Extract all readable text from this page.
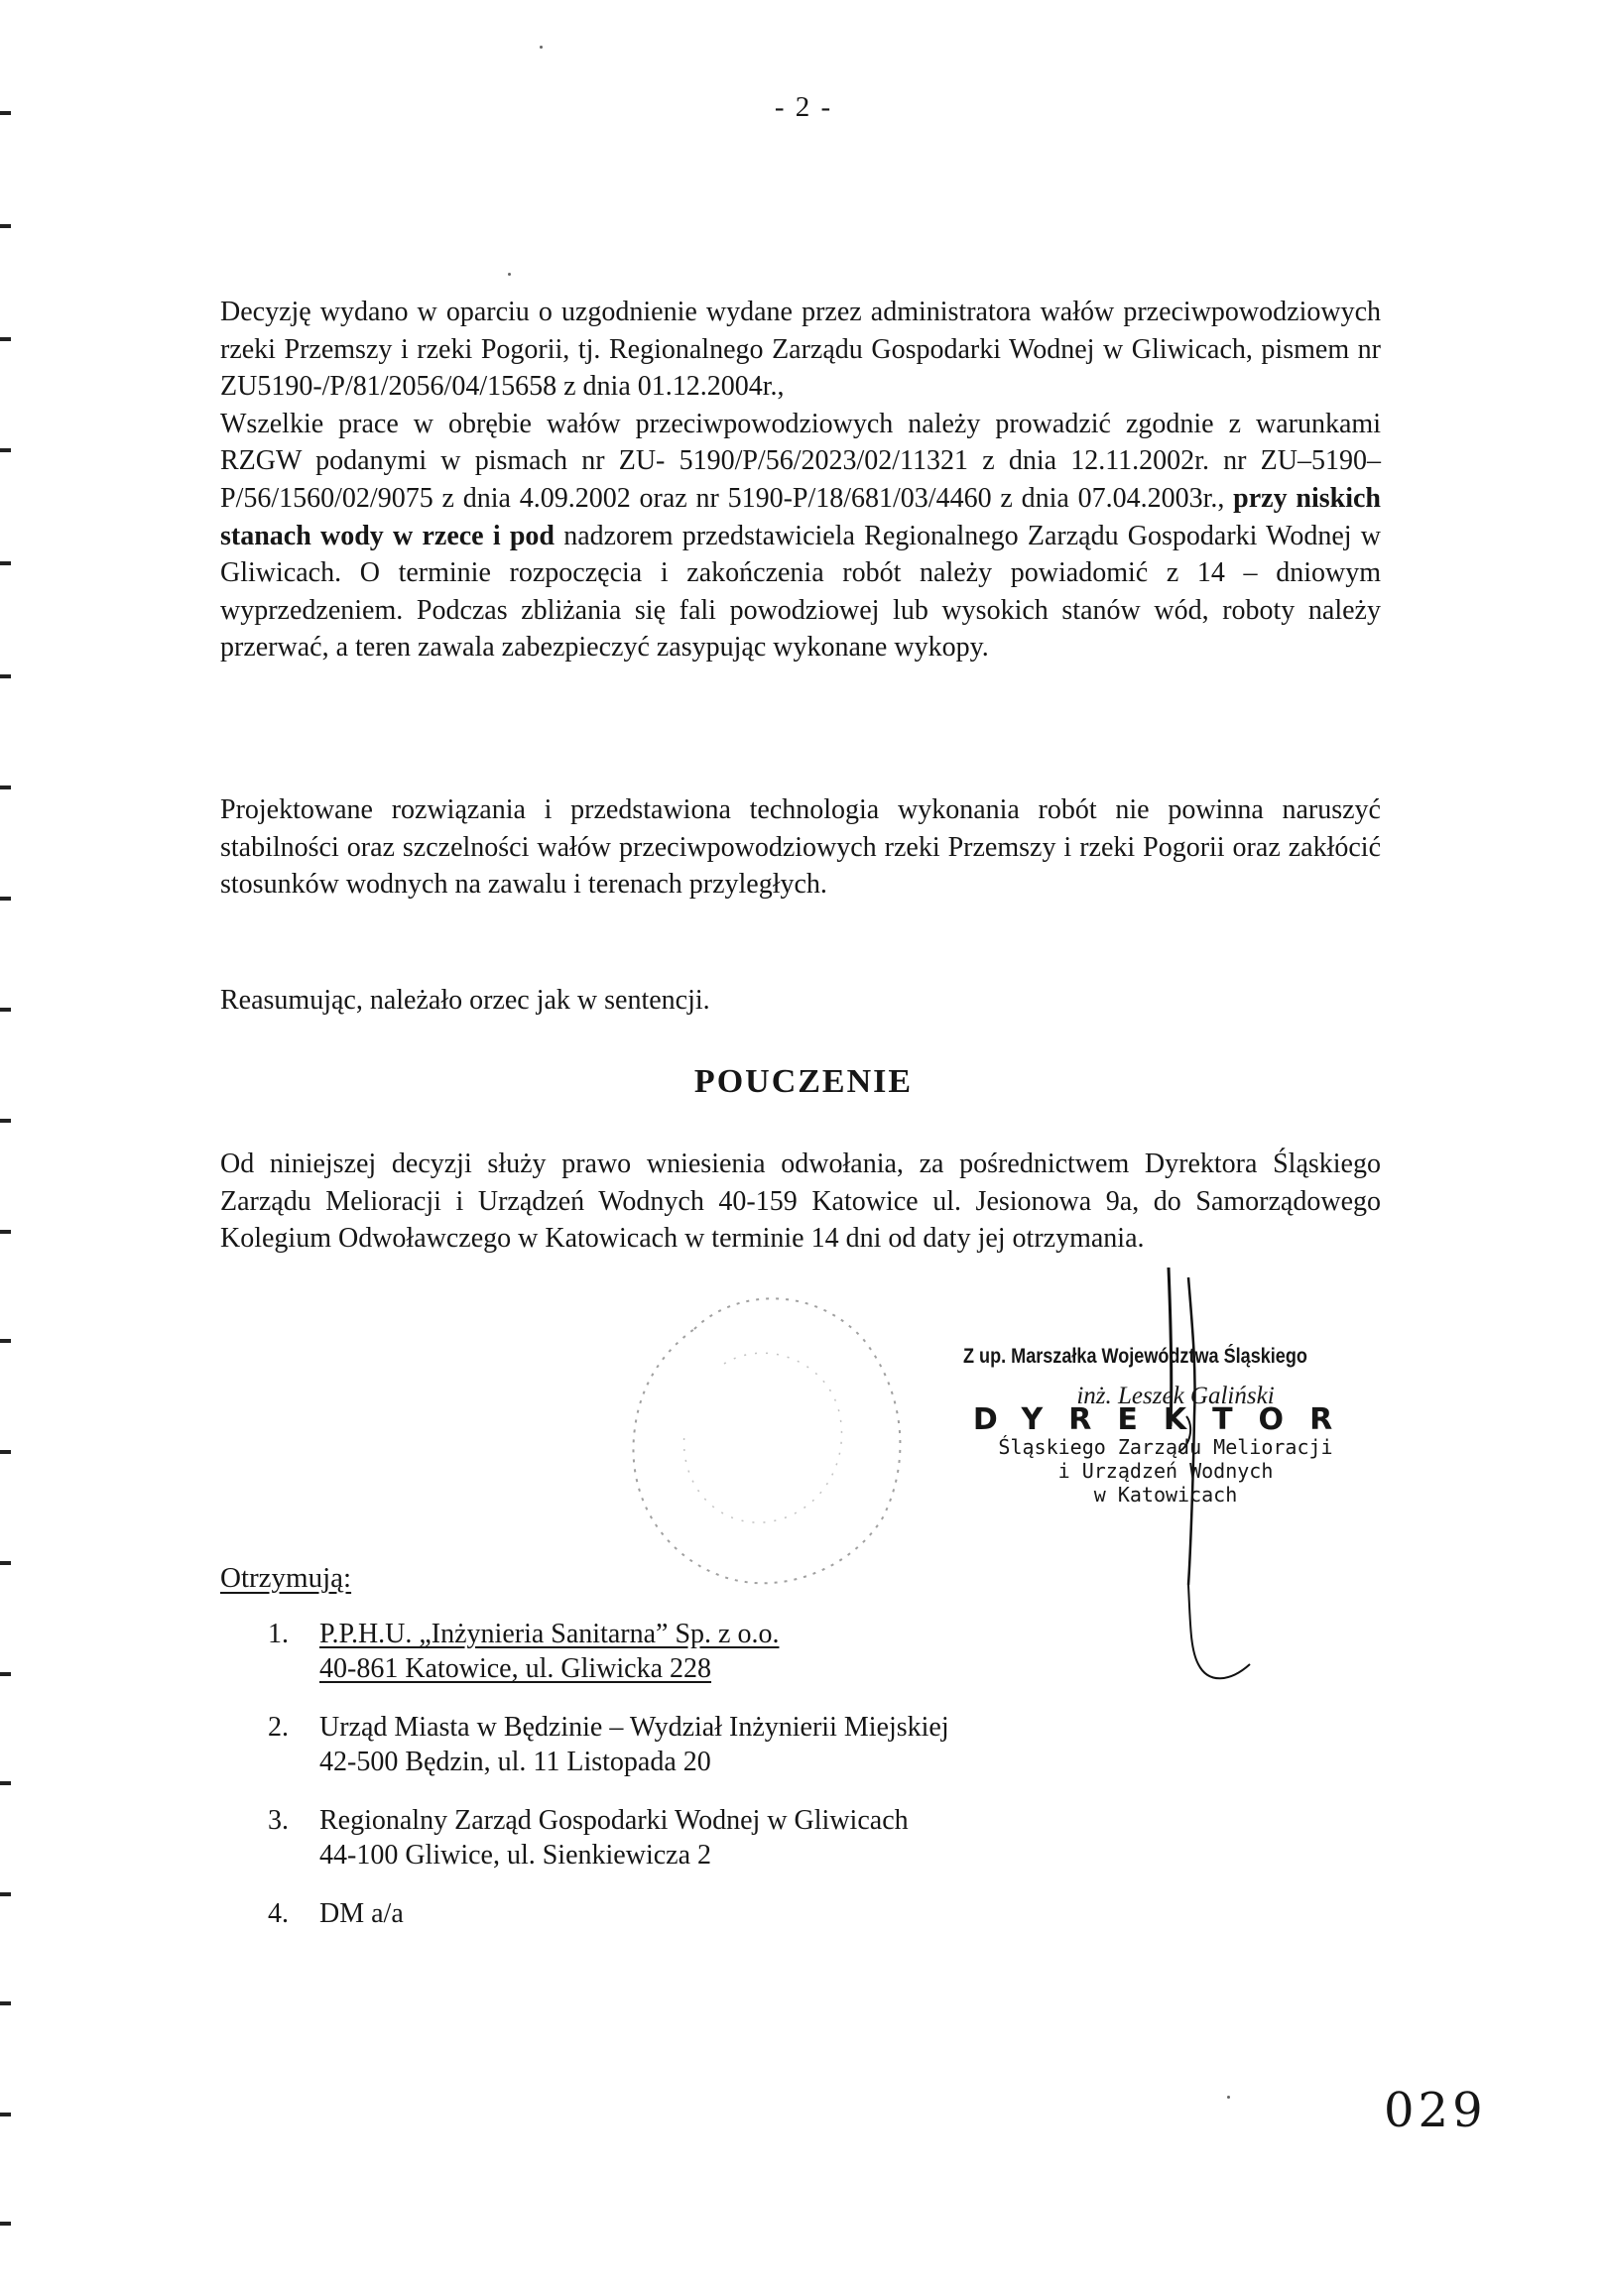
- 2 -

Decyzję wydano w oparciu o uzgodnienie wydane przez administratora wałów przeciwpowodziowych rzeki Przemszy i rzeki Pogorii, tj. Regionalnego Zarządu Gospodarki Wodnej w Gliwicach, pismem nr ZU5190-/P/81/2056/04/15658 z dnia 01.12.2004r.,

Wszelkie prace w obrębie wałów przeciwpowodziowych należy prowadzić zgodnie z warunkami RZGW podanymi w pismach nr ZU- 5190/P/56/2023/02/11321 z dnia 12.11.2002r. nr ZU–5190–P/56/1560/02/9075 z dnia 4.09.2002 oraz nr 5190-P/18/681/03/4460 z dnia 07.04.2003r., przy niskich stanach wody w rzece i pod nadzorem przedstawiciela Regionalnego Zarządu Gospodarki Wodnej w Gliwicach. O terminie rozpoczęcia i zakończenia robót należy powiadomić z 14 – dniowym wyprzedzeniem. Podczas zbliżania się fali powodziowej lub wysokich stanów wód, roboty należy przerwać, a teren zawala zabezpieczyć zasypując wykonane wykopy.

Projektowane rozwiązania i przedstawiona technologia wykonania robót nie powinna naruszyć stabilności oraz szczelności wałów przeciwpowodziowych rzeki Przemszy i rzeki Pogorii oraz zakłócić stosunków wodnych na zawalu i terenach przyległych.

Reasumując, należało orzec jak w sentencji.

POUCZENIE

Od niniejszej decyzji służy prawo wniesienia odwołania, za pośrednictwem Dyrektora Śląskiego Zarządu Melioracji i Urządzeń Wodnych 40-159 Katowice ul. Jesionowa 9a, do Samorządowego Kolegium Odwoławczego w Katowicach w terminie 14 dni od daty jej otrzymania.

Z up. Marszałka Województwa Śląskiego
inż. Leszek Galiński
DYREKTOR
Śląskiego Zarządu Melioracji
i Urządzeń Wodnych
w Katowicach
Otrzymują:
1. P.P.H.U. „Inżynieria Sanitarna” Sp. z o.o.
40-861 Katowice, ul. Gliwicka 228
2. Urząd Miasta w Będzinie – Wydział Inżynierii Miejskiej
42-500 Będzin, ul. 11 Listopada 20
3. Regionalny Zarząd Gospodarki Wodnej w Gliwicach
44-100 Gliwice, ul. Sienkiewicza 2
4. DM a/a
029
